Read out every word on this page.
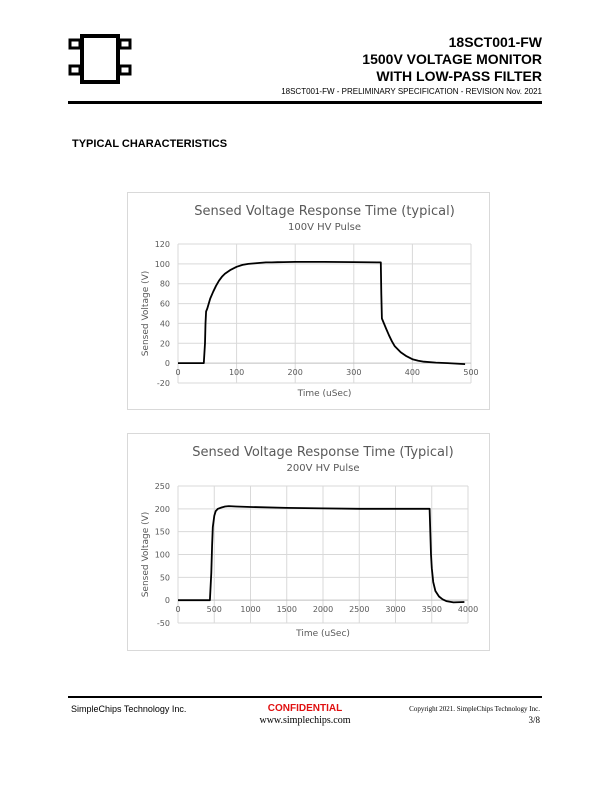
18SCT001-FW
1500V VOLTAGE MONITOR
WITH LOW-PASS FILTER
18SCT001-FW - PRELIMINARY SPECIFICATION - REVISION Nov. 2021
TYPICAL CHARACTERISTICS
Sensed Voltage Response Time (typical)
100V HV Pulse
-20
0
20
40
60
80
100
120
0	100	200	300	400	500
Time (uSec)
Sensed Voltage (V)
Sensed Voltage Response Time (Typical)
200V HV Pulse
-50
0
50
100
150
200
250
0	500 1000 1500 2000 2500 3000 3500 4000
Time (uSec)
Sensed Voltage (V)
SimpleChips Technology Inc.	CONFIDENTIAL
www.simplechips.com
Copyright 2021. SimpleChips Technology Inc.
3/8
